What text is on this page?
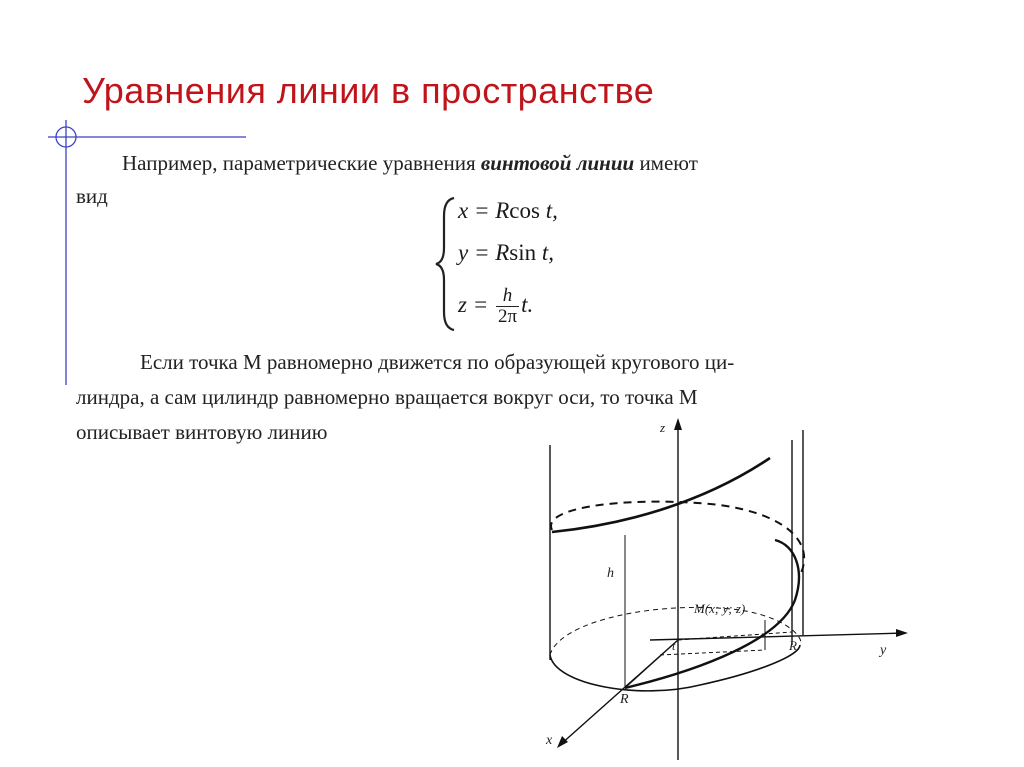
Уравнения линии в пространстве
Например, параметрические уравнения винтовой линии имеют
вид
x = Rcos t,
y = Rsin t,
$z = \frac{h}{2\pi} t$.
Если точка M равномерно движется по образующей кругового ци-
линдра, а сам цилиндр равномерно вращается вокруг оси, то точка M
описывает винтовую линию	z
y
x
h
t
R
R
M(x; y; z)
